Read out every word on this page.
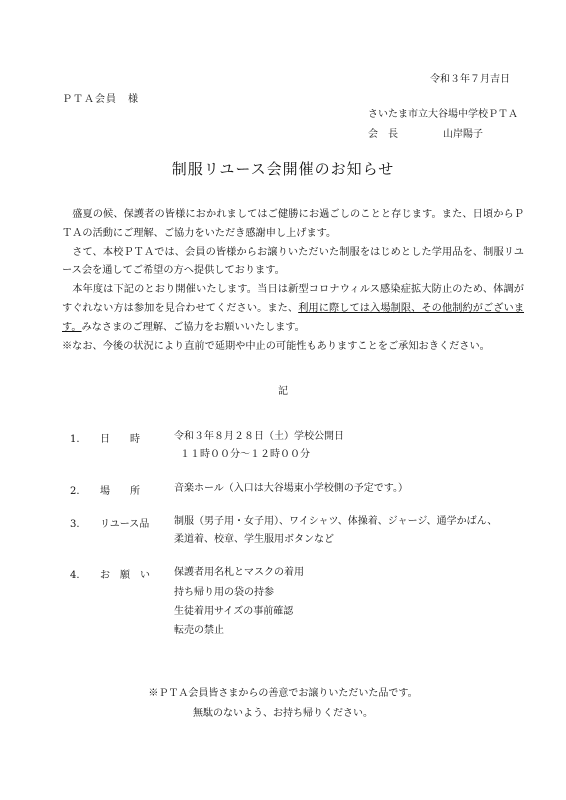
令和３年７月吉日
ＰＴＡ会員　様
さいたま市立大谷場中学校ＰＴＡ
会 長	山岸陽子
制服リユース会開催のお知らせ

盛夏の候、保護者の皆様におかれましてはご健勝にお過ごしのことと存じます。また、日頃からＰＴＡの活動にご理解、ご協力をいただき感謝申し上げます。

さて、本校ＰＴＡでは、会員の皆様からお譲りいただいた制服をはじめとした学用品を、制服リユース会を通してご希望の方へ提供しております。

本年度は下記のとおり開催いたします。当日は新型コロナウィルス感染症拡大防止のため、体調がすぐれない方は参加を見合わせてください。また、利用に際しては入場制限、その他制約がございます。みなさまのご理解、ご協力をお願いいたします。

※なお、今後の状況により直前で延期や中止の可能性もありますことをご承知おきください。

記
1. 日　　時	令和３年８月２８日（土）学校公開日
１１時００分～１２時００分
2. 場　　所	音楽ホール（入口は大谷場東小学校側の予定です。）
3. リユース品	制服（男子用・女子用）、ワイシャツ、体操着、ジャージ、通学かばん、
柔道着、校章、学生服用ボタンなど
4. お　願　い	保護者用名札とマスクの着用
持ち帰り用の袋の持参
生徒着用サイズの事前確認
転売の禁止
※ＰＴＡ会員皆さまからの善意でお譲りいただいた品です。
無駄のないよう、お持ち帰りください。
